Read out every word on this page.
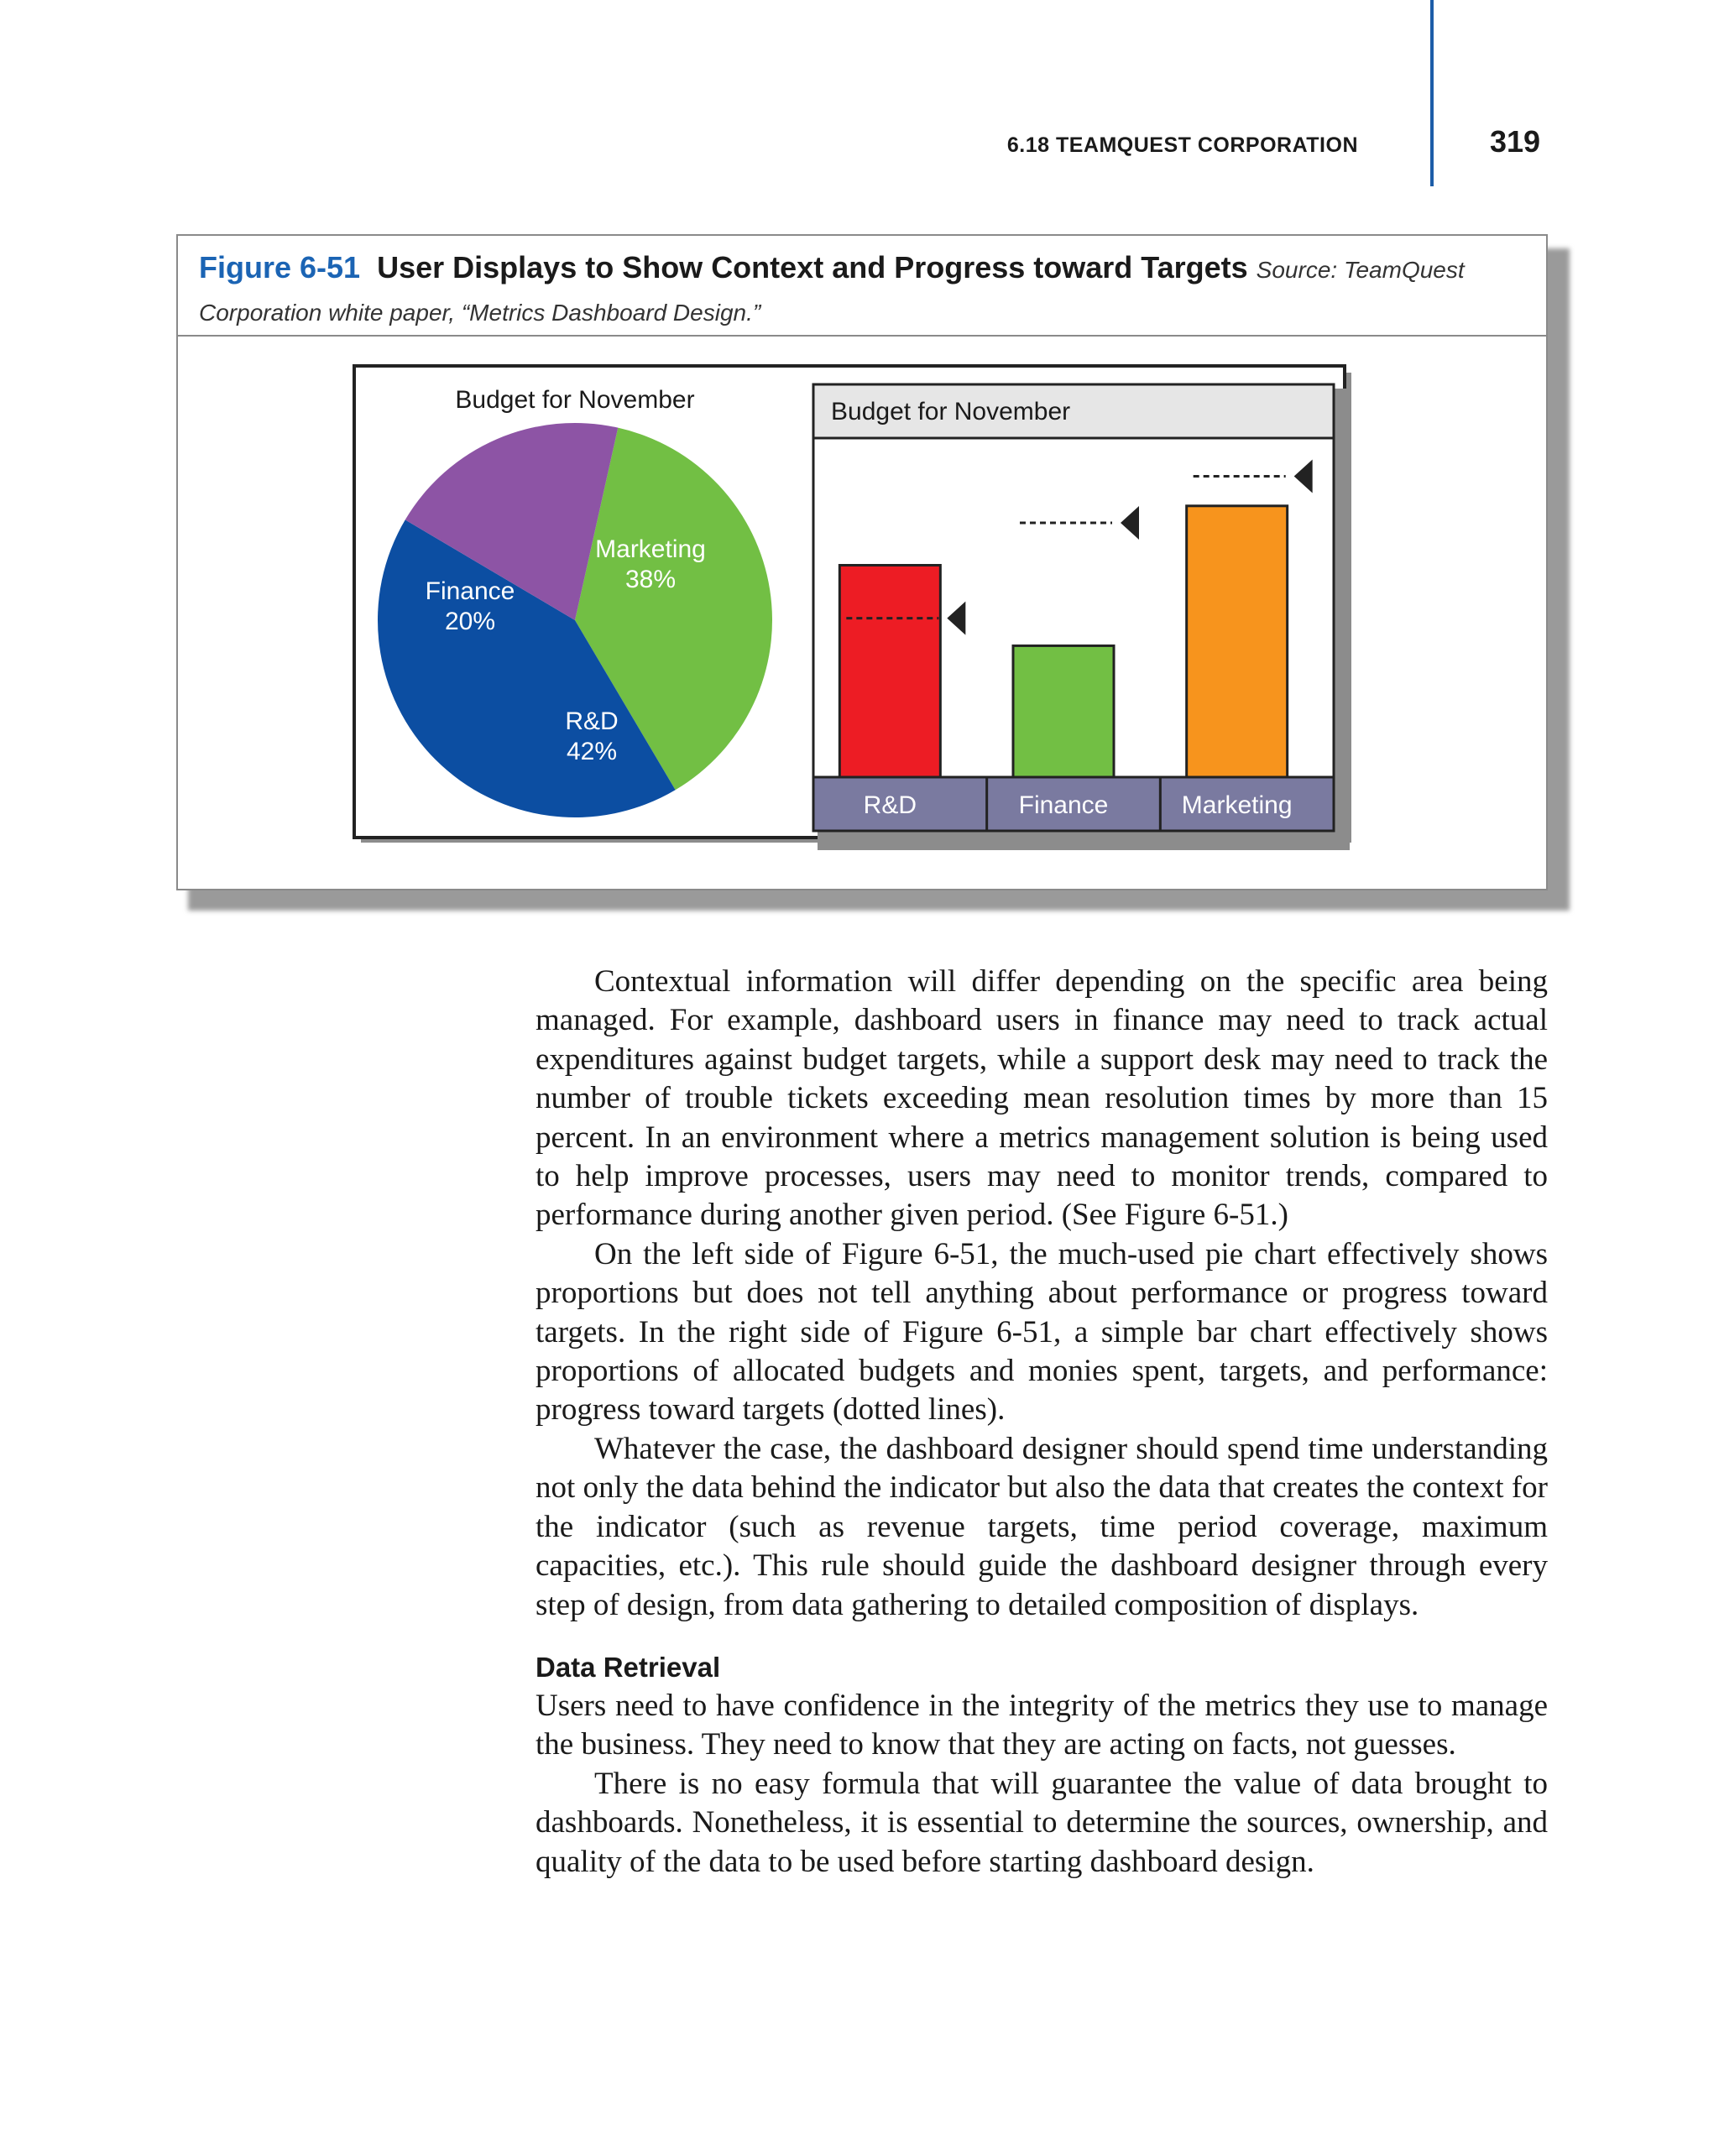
6.18 TEAMQUEST CORPORATION	319
Figure 6-51 User Displays to Show Context and Progress toward Targets Source: TeamQuest Corporation white paper, “Metrics Dashboard Design.”
Marketing
38%
R&D
42%
Finance
20%
Budget for November	Budget for November
R&D	Finance	Marketing

Contextual information will differ depending on the specific area being managed. For example, dashboard users in finance may need to track actual expenditures against budget targets, while a support desk may need to track the number of trouble tickets exceeding mean resolution times by more than 15 percent. In an environment where a metrics management solution is being used to help improve processes, users may need to monitor trends, compared to performance during another given period. (See Figure 6-51.)

On the left side of Figure 6-51, the much-used pie chart effectively shows proportions but does not tell anything about performance or progress toward targets. In the right side of Figure 6-51, a simple bar chart effectively shows proportions of allocated budgets and monies spent, targets, and performance: progress toward targets (dotted lines).

Whatever the case, the dashboard designer should spend time understanding not only the data behind the indicator but also the data that creates the context for the indicator (such as revenue targets, time period coverage, maximum capacities, etc.). This rule should guide the dashboard designer through every step of design, from data gathering to detailed composition of displays.

Data Retrieval

Users need to have confidence in the integrity of the metrics they use to manage the business. They need to know that they are acting on facts, not guesses.

There is no easy formula that will guarantee the value of data brought to dashboards. Nonetheless, it is essential to determine the sources, ownership, and quality of the data to be used before starting dashboard design.
